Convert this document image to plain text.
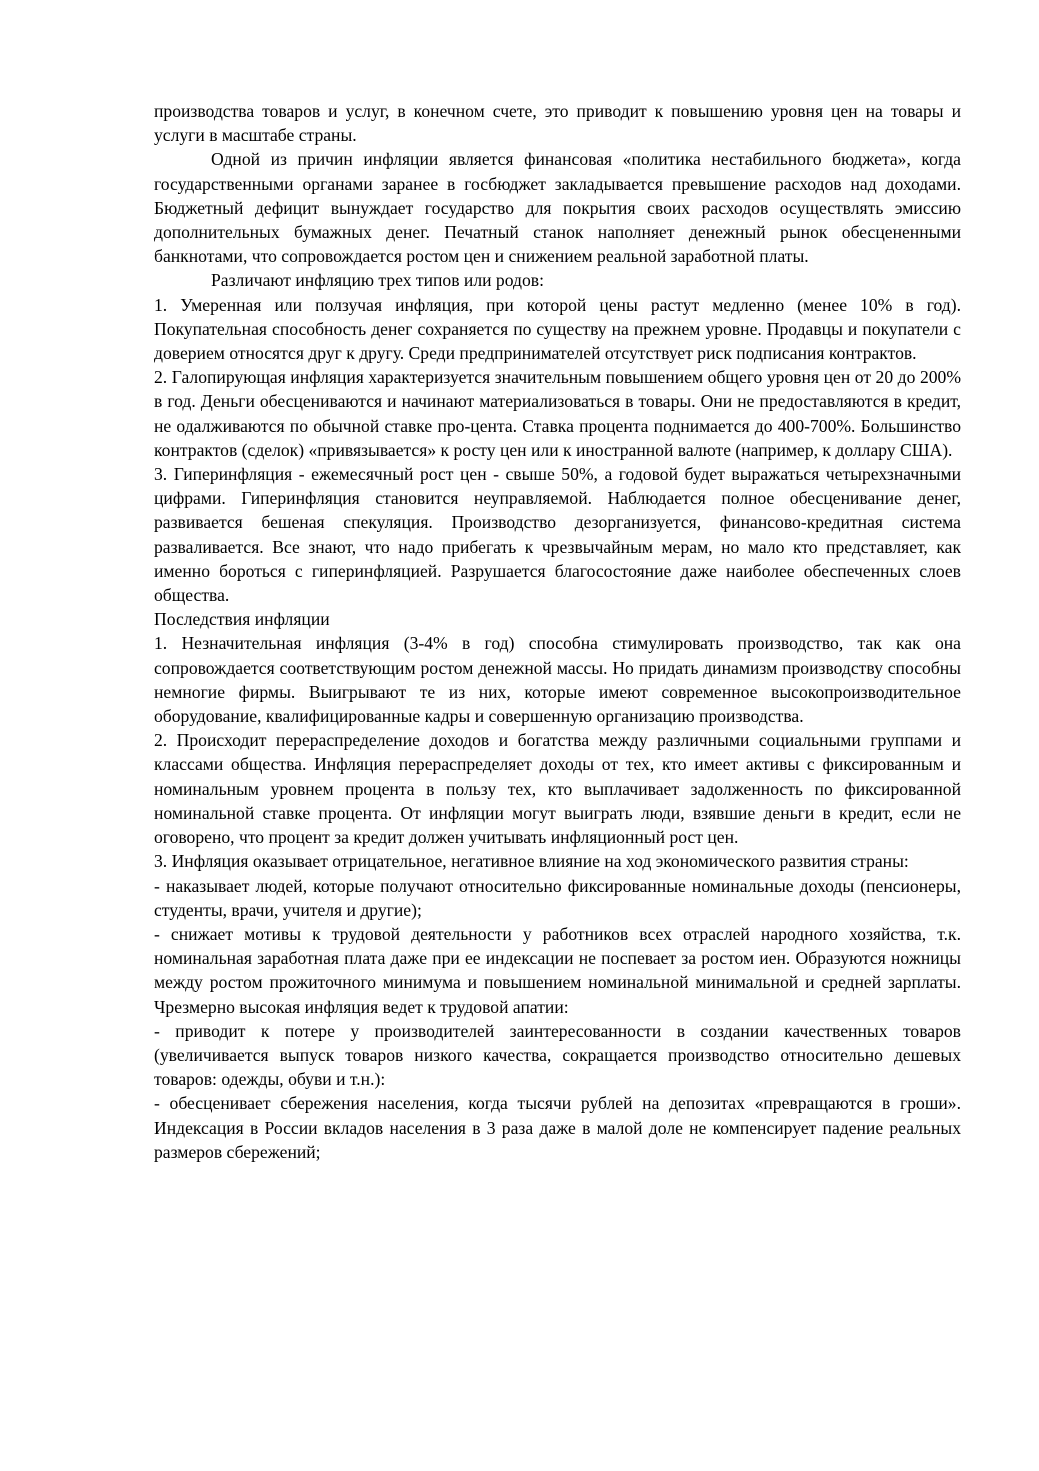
производства товаров и услуг, в конечном счете, это приводит к повышению уровня цен на товары и услуги в масштабе страны.

Одной из причин инфляции является финансовая «политика нестабильного бюджета», когда государственными органами заранее в госбюджет закладывается превышение расходов над доходами. Бюджетный дефицит вынуждает государство для покрытия своих расходов осуществлять эмиссию дополнительных бумажных денег. Печатный станок наполняет денежный рынок обесцененными банкнотами, что сопровождается ростом цен и снижением реальной заработной платы.

Различают инфляцию трех типов или родов:

1. Умеренная или ползучая инфляция, при которой цены растут медленно (менее 10% в год). Покупательная способность денег сохраняется по существу на прежнем уровне. Продавцы и покупатели с доверием относятся друг к другу. Среди предпринимателей отсутствует риск подписания контрактов.

2. Галопирующая инфляция характеризуется значительным повышением общего уровня цен от 20 до 200% в год. Деньги обесцениваются и начинают материализоваться в товары. Они не предоставляются в кредит, не одалживаются по обычной ставке про-цента. Ставка процента поднимается до 400-700%. Большинство контрактов (сделок) «привязывается» к росту цен или к иностранной валюте (например, к доллару США).

3. Гиперинфляция - ежемесячный рост цен - свыше 50%, а годовой будет выражаться четырехзначными цифрами. Гиперинфляция становится неуправляемой. Наблюдается полное обесценивание денег, развивается бешеная спекуляция. Производство дезорганизуется, финансово-кредитная система разваливается. Все знают, что надо прибегать к чрезвычайным мерам, но мало кто представляет, как именно бороться с гиперинфляцией. Разрушается благосостояние даже наиболее обеспеченных слоев общества.

Последствия инфляции

1. Незначительная инфляция (3-4% в год) способна стимулировать производство, так как она сопровождается соответствующим ростом денежной массы. Но придать динамизм производству способны немногие фирмы. Выигрывают те из них, которые имеют современное высокопроизводительное оборудование, квалифицированные кадры и совершенную организацию производства.

2. Происходит перераспределение доходов и богатства между различными социальными группами и классами общества. Инфляция перераспределяет доходы от тех, кто имеет активы с фиксированным и номинальным уровнем процента в пользу тех, кто выплачивает задолженность по фиксированной номинальной ставке процента. От инфляции могут выиграть люди, взявшие деньги в кредит, если не оговорено, что процент за кредит должен учитывать инфляционный рост цен.

3. Инфляция оказывает отрицательное, негативное влияние на ход экономического развития страны:

- наказывает людей, которые получают относительно фиксированные номинальные доходы (пенсионеры, студенты, врачи, учителя и другие);

- снижает мотивы к трудовой деятельности у работников всех отраслей народного хозяйства, т.к. номинальная заработная плата даже при ее индексации не поспевает за ростом иен. Образуются ножницы между ростом прожиточного минимума и повышением номинальной минимальной и средней зарплаты. Чрезмерно высокая инфляция ведет к трудовой апатии:

- приводит к потере у производителей заинтересованности в создании качественных товаров (увеличивается выпуск товаров низкого качества, сокращается производство относительно дешевых товаров: одежды, обуви и т.н.):

- обесценивает сбережения населения, когда тысячи рублей на депозитах «превращаются в гроши». Индексация в России вкладов населения в 3 раза даже в малой доле не компенсирует падение реальных размеров сбережений;
